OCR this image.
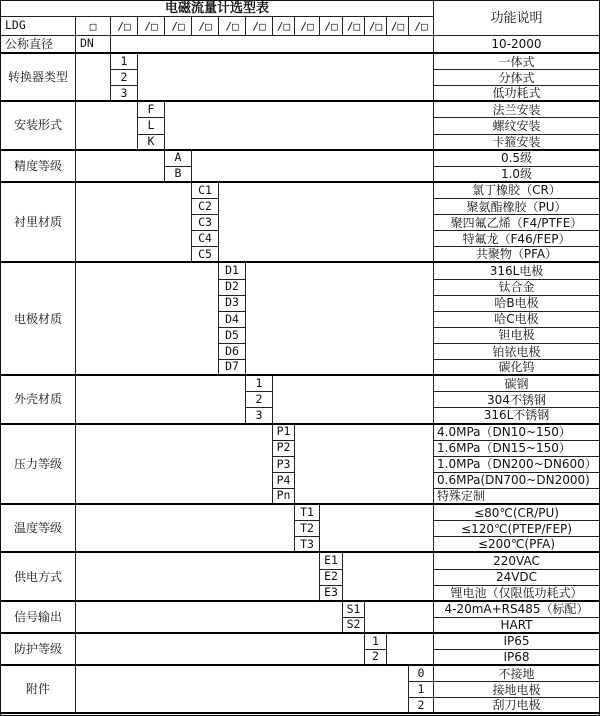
电磁流量计选型表
功能说明
LDG	□
公称直径	DN	10-2000
/□	/□	/□	/□	/□	/□	/□ /□ /□ /□ /□ /□ /□
转换器类型
1	一体式
2	分体式
3	低功耗式
安装形式
F	法兰安装
L	螺纹安装
K	卡箍安装
精度等级
A	0.5级
B	1.0级
衬里材质
C1	氯丁橡胶（CR）
C2	聚氨酯橡胶（PU）
C3	聚四氟乙烯（F4/PTFE）
C4	特氟龙（F46/FEP）
C5	共聚物（PFA）
电极材质
D1	316L电极
D2	钛合金
D3	哈B电极
D4	哈C电极
D5	钽电极
D6	铂铱电极
D7	碳化钨
外壳材质
1	碳钢
2	304不锈钢
3	316L不锈钢
压力等级
P1	4.0MPa（DN10~150）
P2	1.6MPa（DN15~150）
P3	1.0MPa（DN200~DN600）
P4	0.6MPa(DN700~DN2000)
Pn	特殊定制
温度等级
T1	≤80℃(CR/PU)
T2	≤120℃(PTEP/FEP)
T3	≤200℃(PFA)
供电方式
E1	220VAC
E2	24VDC
E3	锂电池（仅限低功耗式）
信号输出
S1	4-20mA+RS485（标配）
S2	HART
防护等级
1	IP65
2	IP68
附件
0	不接地
1	接地电极
2	刮刀电极
